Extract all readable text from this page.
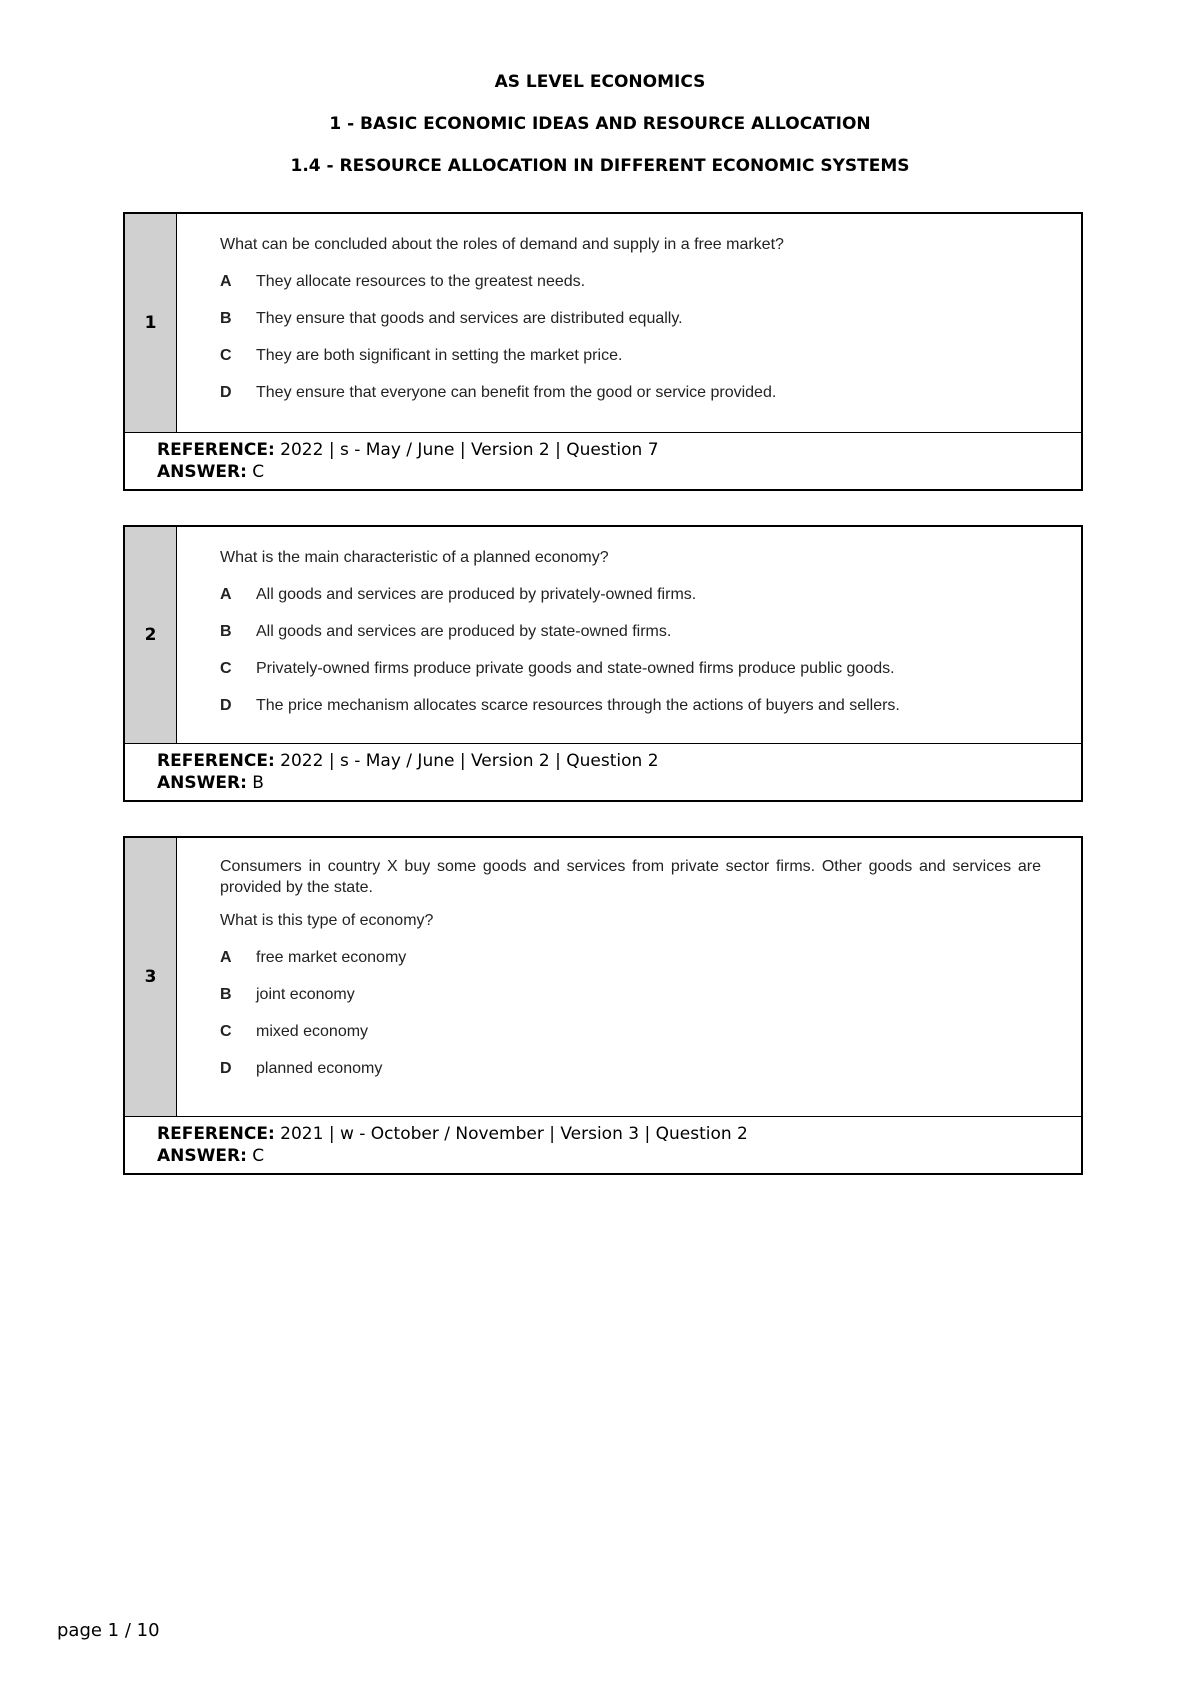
AS LEVEL ECONOMICS
1 - BASIC ECONOMIC IDEAS AND RESOURCE ALLOCATION
1.4 - RESOURCE ALLOCATION IN DIFFERENT ECONOMIC SYSTEMS
1

What can be concluded about the roles of demand and supply in a free market?

A	They allocate resources to the greatest needs.
B	They ensure that goods and services are distributed equally.
C	They are both significant in setting the market price.
D	They ensure that everyone can benefit from the good or service provided.
REFERENCE: 2022 | s - May / June | Version 2 | Question 7
ANSWER: C
2

What is the main characteristic of a planned economy?

A	All goods and services are produced by privately-owned firms.
B	All goods and services are produced by state-owned firms.
C	Privately-owned firms produce private goods and state-owned firms produce public goods.
D	The price mechanism allocates scarce resources through the actions of buyers and sellers.
REFERENCE: 2022 | s - May / June | Version 2 | Question 2
ANSWER: B
3

Consumers in country X buy some goods and services from private sector firms. Other goods and services are provided by the state.

What is this type of economy?

A	free market economy
B	joint economy
C	mixed economy
D	planned economy
REFERENCE: 2021 | w - October / November | Version 3 | Question 2
ANSWER: C
page 1 / 10
